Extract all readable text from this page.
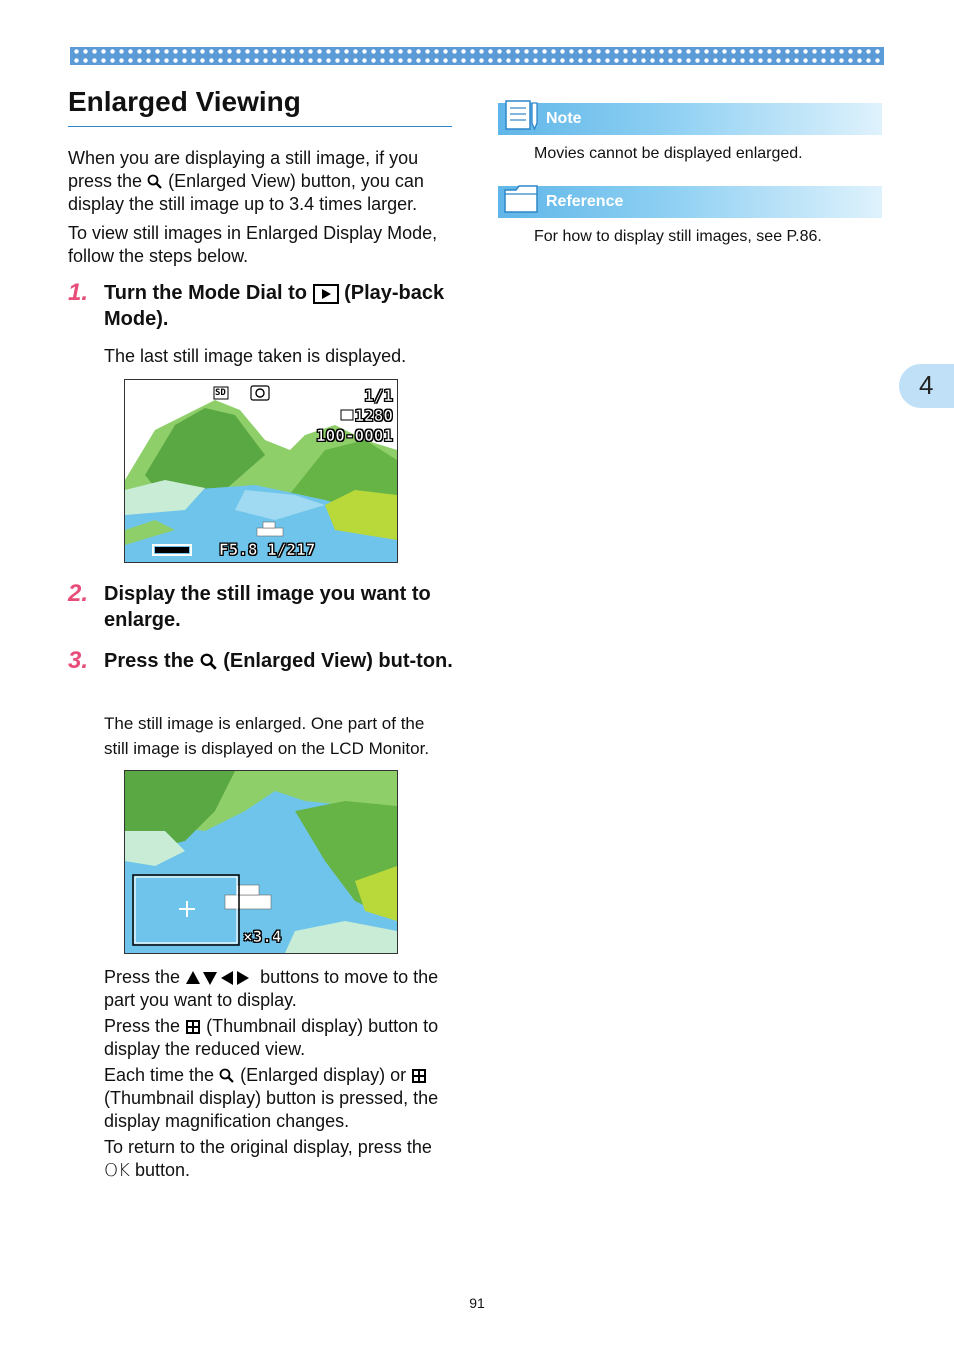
Enlarged Viewing

When you are displaying a still image, if you press the (Enlarged View) button, you can display the still image up to 3.4 times larger.

To view still images in Enlarged Display Mode, follow the steps below.

1. Turn the Mode Dial to (Play-back Mode).

The last still image taken is displayed.

SD	1/1
1280
100-0001
F5.8 1/217
2. Display the still image you want to enlarge.

3. Press the (Enlarged View) but-ton.

The still image is enlarged. One part of the still image is displayed on the LCD Monitor.

×3.4

Press the	buttons to move to the part you want to display.

Press the (Thumbnail display) button to display the reduced view.

Each time the (Enlarged display) or  (Thumbnail display) button is pressed, the display magnification changes.

To return to the original display, press the OK button.

Note

Movies cannot be displayed enlarged.

Reference

For how to display still images, see P.86.

4
91
